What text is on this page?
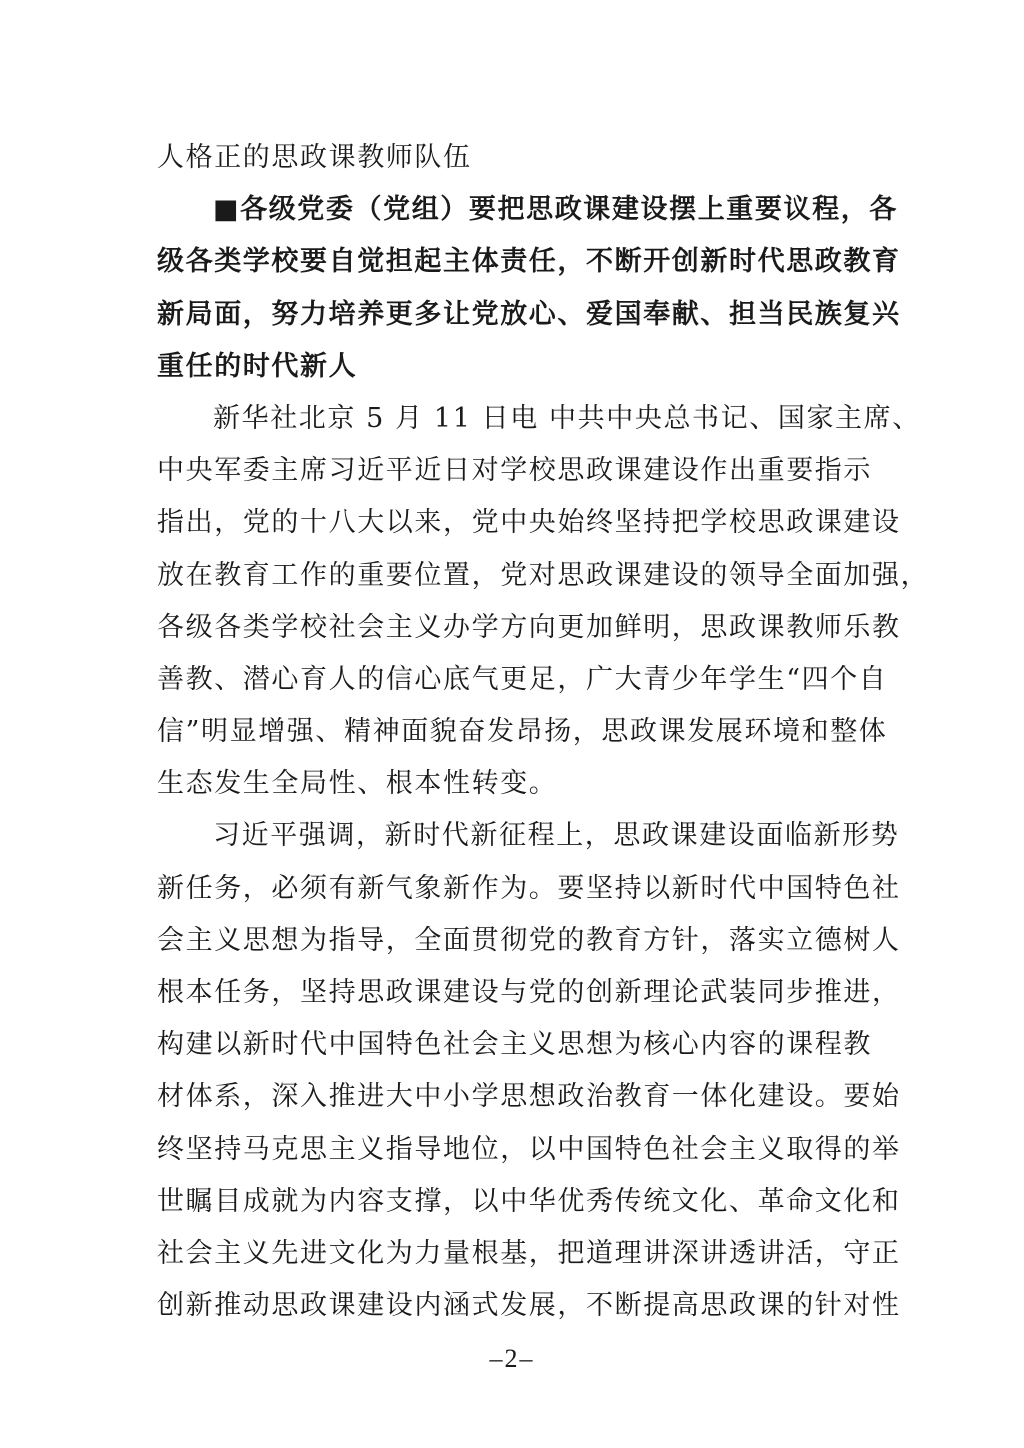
人格正的思政课教师队伍
■各级党委（党组）要把思政课建设摆上重要议程，各
级各类学校要自觉担起主体责任，不断开创新时代思政教育
新局面，努力培养更多让党放心、爱国奉献、担当民族复兴
重任的时代新人
新华社北京 5 月 11 日电 中共中央总书记、国家主席、
中央军委主席习近平近日对学校思政课建设作出重要指示
指出，党的十八大以来，党中央始终坚持把学校思政课建设
放在教育工作的重要位置，党对思政课建设的领导全面加强，
各级各类学校社会主义办学方向更加鲜明，思政课教师乐教
善教、潜心育人的信心底气更足，广大青少年学生“四个自
信”明显增强、精神面貌奋发昂扬，思政课发展环境和整体
生态发生全局性、根本性转变。
习近平强调，新时代新征程上，思政课建设面临新形势
新任务，必须有新气象新作为。要坚持以新时代中国特色社
会主义思想为指导，全面贯彻党的教育方针，落实立德树人
根本任务，坚持思政课建设与党的创新理论武装同步推进，
构建以新时代中国特色社会主义思想为核心内容的课程教
材体系，深入推进大中小学思想政治教育一体化建设。要始
终坚持马克思主义指导地位，以中国特色社会主义取得的举
世瞩目成就为内容支撑，以中华优秀传统文化、革命文化和
社会主义先进文化为力量根基，把道理讲深讲透讲活，守正
创新推动思政课建设内涵式发展，不断提高思政课的针对性
–2–
